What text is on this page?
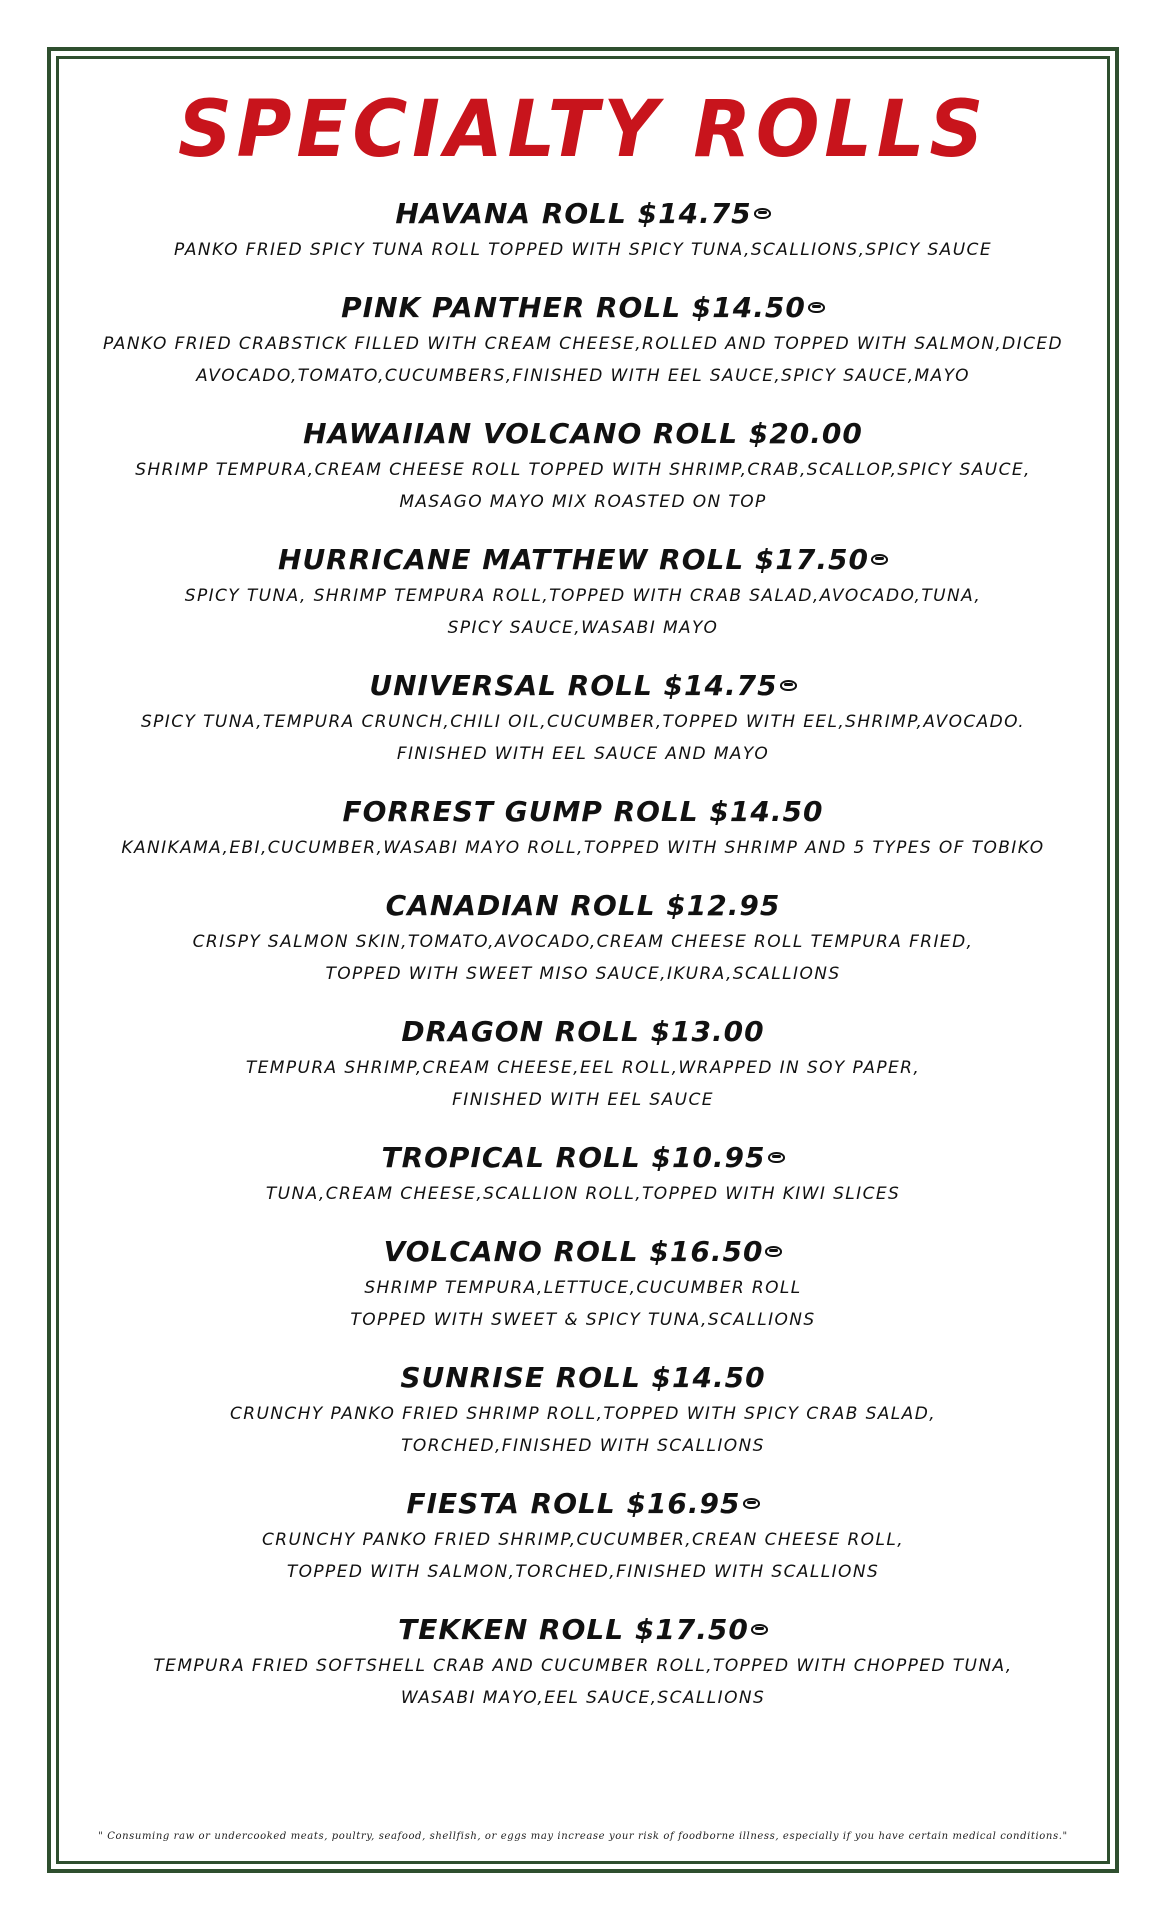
SPECIALTY ROLLS
HAVANA ROLL $14.75
PANKO FRIED SPICY TUNA ROLL TOPPED WITH SPICY TUNA,SCALLIONS,SPICY SAUCE
PINK PANTHER ROLL $14.50
PANKO FRIED CRABSTICK FILLED WITH CREAM CHEESE,ROLLED AND TOPPED WITH SALMON,DICED
AVOCADO,TOMATO,CUCUMBERS,FINISHED WITH EEL SAUCE,SPICY SAUCE,MAYO
HAWAIIAN VOLCANO ROLL $20.00
SHRIMP TEMPURA,CREAM CHEESE ROLL TOPPED WITH SHRIMP,CRAB,SCALLOP,SPICY SAUCE,
MASAGO MAYO MIX ROASTED ON TOP
HURRICANE MATTHEW ROLL $17.50
SPICY TUNA, SHRIMP TEMPURA ROLL,TOPPED WITH CRAB SALAD,AVOCADO,TUNA,
SPICY SAUCE,WASABI MAYO
UNIVERSAL ROLL $14.75
SPICY TUNA,TEMPURA CRUNCH,CHILI OIL,CUCUMBER,TOPPED WITH EEL,SHRIMP,AVOCADO.
FINISHED WITH EEL SAUCE AND MAYO
FORREST GUMP ROLL $14.50
KANIKAMA,EBI,CUCUMBER,WASABI MAYO ROLL,TOPPED WITH SHRIMP AND 5 TYPES OF TOBIKO
CANADIAN ROLL $12.95
CRISPY SALMON SKIN,TOMATO,AVOCADO,CREAM CHEESE ROLL TEMPURA FRIED,
TOPPED WITH SWEET MISO SAUCE,IKURA,SCALLIONS
DRAGON ROLL $13.00
TEMPURA SHRIMP,CREAM CHEESE,EEL ROLL,WRAPPED IN SOY PAPER,
FINISHED WITH EEL SAUCE
TROPICAL ROLL $10.95
TUNA,CREAM CHEESE,SCALLION ROLL,TOPPED WITH KIWI SLICES
VOLCANO ROLL $16.50
SHRIMP TEMPURA,LETTUCE,CUCUMBER ROLL
TOPPED WITH SWEET & SPICY TUNA,SCALLIONS
SUNRISE ROLL $14.50
CRUNCHY PANKO FRIED SHRIMP ROLL,TOPPED WITH SPICY CRAB SALAD,
TORCHED,FINISHED WITH SCALLIONS
FIESTA ROLL $16.95
CRUNCHY PANKO FRIED SHRIMP,CUCUMBER,CREAN CHEESE ROLL,
TOPPED WITH SALMON,TORCHED,FINISHED WITH SCALLIONS
TEKKEN ROLL $17.50
TEMPURA FRIED SOFTSHELL CRAB AND CUCUMBER ROLL,TOPPED WITH CHOPPED TUNA,
WASABI MAYO,EEL SAUCE,SCALLIONS
" Consuming raw or undercooked meats, poultry, seafood, shellfish, or eggs may increase your risk of foodborne illness, especially if you have certain medical conditions."
